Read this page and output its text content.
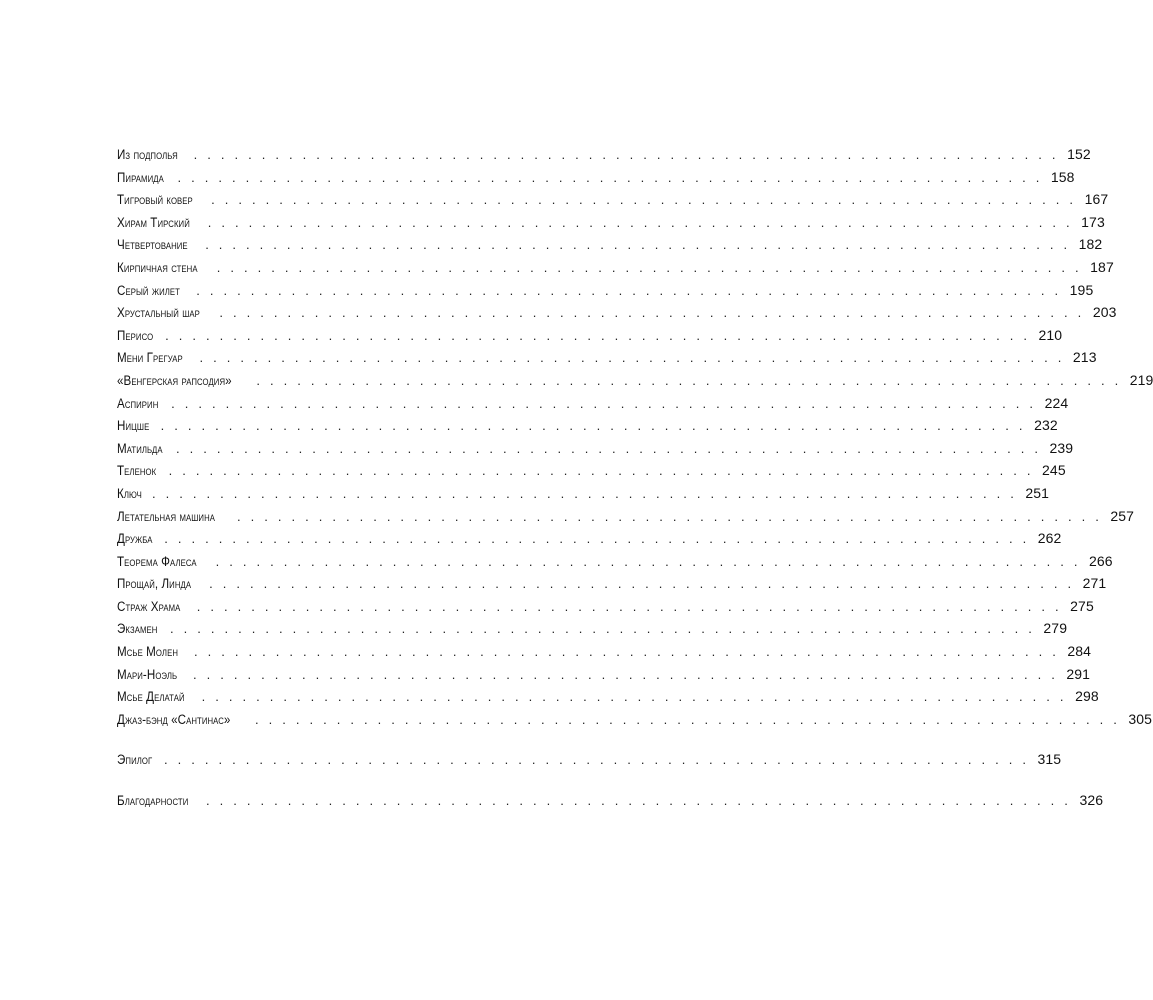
Из подполья	. . . . . . . . . . . . . . . . . . . . . . . . . . . . . . . . . . . . . . . . . . . . . . . . . . . . . . . . . . . . . . . . 152
Пирамида	. . . . . . . . . . . . . . . . . . . . . . . . . . . . . . . . . . . . . . . . . . . . . . . . . . . . . . . . . . . . . . . . 158
Тигровый ковер	. . . . . . . . . . . . . . . . . . . . . . . . . . . . . . . . . . . . . . . . . . . . . . . . . . . . . . . . . . . . . . . . 167
Хирам Тирский	. . . . . . . . . . . . . . . . . . . . . . . . . . . . . . . . . . . . . . . . . . . . . . . . . . . . . . . . . . . . . . . . 173
Четвертование	. . . . . . . . . . . . . . . . . . . . . . . . . . . . . . . . . . . . . . . . . . . . . . . . . . . . . . . . . . . . . . . . 182
Кирпичная стена	. . . . . . . . . . . . . . . . . . . . . . . . . . . . . . . . . . . . . . . . . . . . . . . . . . . . . . . . . . . . . . . . 187
Серый жилет	. . . . . . . . . . . . . . . . . . . . . . . . . . . . . . . . . . . . . . . . . . . . . . . . . . . . . . . . . . . . . . . . 195
Хрустальный шар	. . . . . . . . . . . . . . . . . . . . . . . . . . . . . . . . . . . . . . . . . . . . . . . . . . . . . . . . . . . . . . . . 203
Перисо . . . . . . . . . . . . . . . . . . . . . . . . . . . . . . . . . . . . . . . . . . . . . . . . . . . . . . . . . . . . . . . . 210
Мени Грегуар	. . . . . . . . . . . . . . . . . . . . . . . . . . . . . . . . . . . . . . . . . . . . . . . . . . . . . . . . . . . . . . . . 213
«Венгерская рапсодия»	. . . . . . . . . . . . . . . . . . . . . . . . . . . . . . . . . . . . . . . . . . . . . . . . . . . . . . . . . . . . . . . . 219
Аспирин . . . . . . . . . . . . . . . . . . . . . . . . . . . . . . . . . . . . . . . . . . . . . . . . . . . . . . . . . . . . . . . . 224
Ницше . . . . . . . . . . . . . . . . . . . . . . . . . . . . . . . . . . . . . . . . . . . . . . . . . . . . . . . . . . . . . . . . 232
Матильда	. . . . . . . . . . . . . . . . . . . . . . . . . . . . . . . . . . . . . . . . . . . . . . . . . . . . . . . . . . . . . . . . 239
Теленок . . . . . . . . . . . . . . . . . . . . . . . . . . . . . . . . . . . . . . . . . . . . . . . . . . . . . . . . . . . . . . . . 245
Ключ . . . . . . . . . . . . . . . . . . . . . . . . . . . . . . . . . . . . . . . . . . . . . . . . . . . . . . . . . . . . . . . . 251
Летательная машина	. . . . . . . . . . . . . . . . . . . . . . . . . . . . . . . . . . . . . . . . . . . . . . . . . . . . . . . . . . . . . . . . 257
Дружба . . . . . . . . . . . . . . . . . . . . . . . . . . . . . . . . . . . . . . . . . . . . . . . . . . . . . . . . . . . . . . . . 262
Теорема Фалеса	. . . . . . . . . . . . . . . . . . . . . . . . . . . . . . . . . . . . . . . . . . . . . . . . . . . . . . . . . . . . . . . . 266
Прощай, Линда	. . . . . . . . . . . . . . . . . . . . . . . . . . . . . . . . . . . . . . . . . . . . . . . . . . . . . . . . . . . . . . . . 271
Страж Храма	. . . . . . . . . . . . . . . . . . . . . . . . . . . . . . . . . . . . . . . . . . . . . . . . . . . . . . . . . . . . . . . . 275
Экзамен . . . . . . . . . . . . . . . . . . . . . . . . . . . . . . . . . . . . . . . . . . . . . . . . . . . . . . . . . . . . . . . . 279
Мсье Молен	. . . . . . . . . . . . . . . . . . . . . . . . . . . . . . . . . . . . . . . . . . . . . . . . . . . . . . . . . . . . . . . . 284
Мари-Ноэль	. . . . . . . . . . . . . . . . . . . . . . . . . . . . . . . . . . . . . . . . . . . . . . . . . . . . . . . . . . . . . . . . 291
Мсье Делатай	. . . . . . . . . . . . . . . . . . . . . . . . . . . . . . . . . . . . . . . . . . . . . . . . . . . . . . . . . . . . . . . . 298
Джаз-бэнд «Сантинас»	. . . . . . . . . . . . . . . . . . . . . . . . . . . . . . . . . . . . . . . . . . . . . . . . . . . . . . . . . . . . . . . . 305
Эпилог . . . . . . . . . . . . . . . . . . . . . . . . . . . . . . . . . . . . . . . . . . . . . . . . . . . . . . . . . . . . . . . . 315
Благодарности	. . . . . . . . . . . . . . . . . . . . . . . . . . . . . . . . . . . . . . . . . . . . . . . . . . . . . . . . . . . . . . . . 326
